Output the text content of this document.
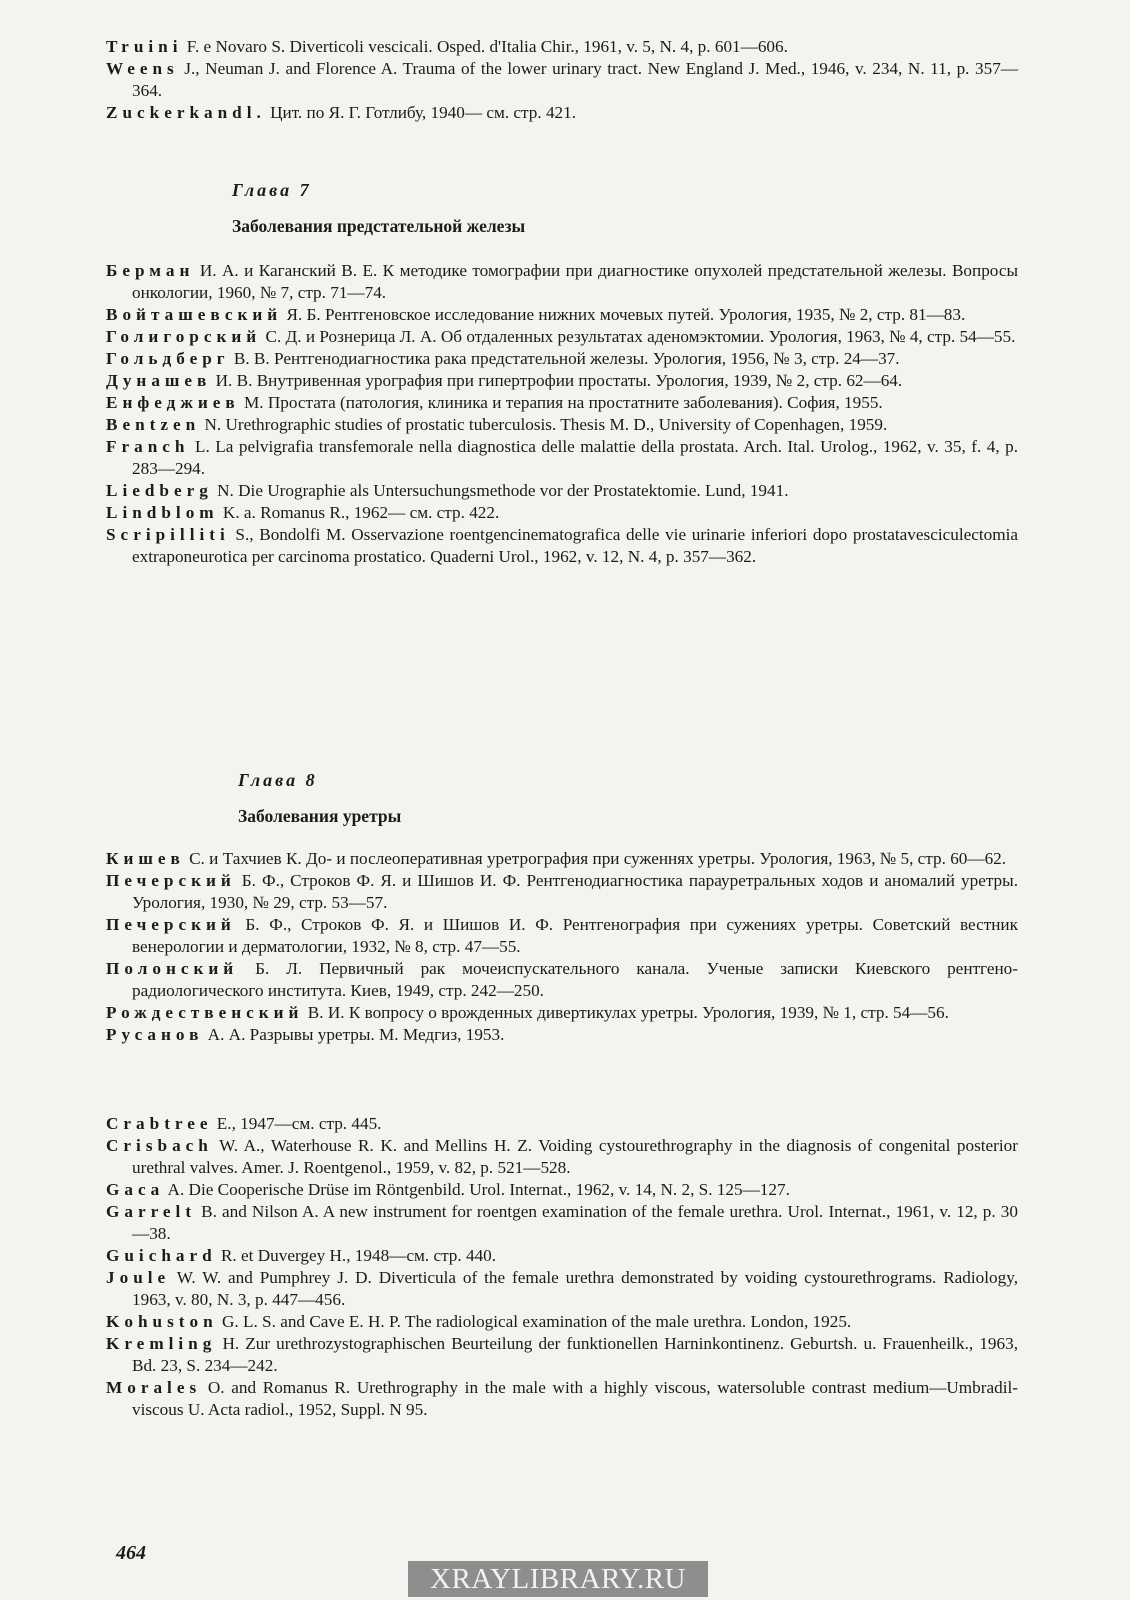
Truini F. e Novaro S. Diverticoli vescicali. Osped. d'Italia Chir., 1961, v. 5, N. 4, p. 601—606.

Weens J., Neuman J. and Florence A. Trauma of the lower urinary tract. New England J. Med., 1946, v. 234, N. 11, p. 357—364.

Zuckerkandl. Цит. по Я. Г. Готлибу, 1940— см. стр. 421.

Глава 7

Заболевания предстательной железы

Берман И. А. и Каганский В. Е. К методике томографии при диагностике опухолей предстательной железы. Вопросы онкологии, 1960, № 7, стр. 71—74.

Войташевский Я. Б. Рентгеновское исследование нижних мочевых путей. Урология, 1935, № 2, стр. 81—83.

Голигорский С. Д. и Рознерица Л. А. Об отдаленных результатах аденомэктомии. Урология, 1963, № 4, стр. 54—55.

Гольдберг В. В. Рентгенодиагностика рака предстательной железы. Урология, 1956, № 3, стр. 24—37.

Дунашев И. В. Внутривенная урография при гипертрофии простаты. Урология, 1939, № 2, стр. 62—64.

Енфеджиев М. Простата (патология, клиника и терапия на простатните заболевания). София, 1955.

Bentzen N. Urethrographic studies of prostatic tuberculosis. Thesis M. D., University of Copenhagen, 1959.

Franch L. La pelvigrafia transfemorale nella diagnostica delle malattie della prostata. Arch. Ital. Urolog., 1962, v. 35, f. 4, p. 283—294.

Liedberg N. Die Urographie als Untersuchungsmethode vor der Prostatektomie. Lund, 1941.

Lindblom K. a. Romanus R., 1962— см. стр. 422.

Scripilliti S., Bondolfi M. Osservazione roentgencinematografica delle vie urinarie inferiori dopo prostatavesciculectomia extraponeurotica per carcinoma prostatico. Quaderni Urol., 1962, v. 12, N. 4, p. 357—362.

Глава 8

Заболевания уретры

Кишев С. и Тахчиев К. До- и послеоперативная уретрография при суженнях уретры. Урология, 1963, № 5, стр. 60—62.

Печерский Б. Ф., Строков Ф. Я. и Шишов И. Ф. Рентгенодиагностика парауретральных ходов и аномалий уретры. Урология, 1930, № 29, стр. 53—57.

Печерский Б. Ф., Строков Ф. Я. и Шишов И. Ф. Рентгенография при сужениях уретры. Советский вестник венерологии и дерматологии, 1932, № 8, стр. 47—55.

Полонский Б. Л. Первичный рак мочеиспускательного канала. Ученые записки Киевского рентгено-радиологического института. Киев, 1949, стр. 242—250.

Рождественский В. И. К вопросу о врожденных дивертикулах уретры. Урология, 1939, № 1, стр. 54—56.

Русанов А. А. Разрывы уретры. М. Медгиз, 1953.

Crabtree E., 1947—см. стр. 445.

Crisbach W. A., Waterhouse R. K. and Mellins H. Z. Voiding cystourethrography in the diagnosis of congenital posterior urethral valves. Amer. J. Roentgenol., 1959, v. 82, p. 521—528.

Gaca A. Die Cooperische Drüse im Röntgenbild. Urol. Internat., 1962, v. 14, N. 2, S. 125—127.

Garrelt B. and Nilson A. A new instrument for roentgen examination of the female urethra. Urol. Internat., 1961, v. 12, p. 30—38.

Guichard R. et Duvergey H., 1948—см. стр. 440.

Joule W. W. and Pumphrey J. D. Diverticula of the female urethra demonstrated by voiding cystourethrograms. Radiology, 1963, v. 80, N. 3, p. 447—456.

Kohuston G. L. S. and Cave E. H. P. The radiological examination of the male urethra. London, 1925.

Kremling H. Zur urethrozystographischen Beurteilung der funktionellen Harninkontinenz. Geburtsh. u. Frauenheilk., 1963, Bd. 23, S. 234—242.

Morales O. and Romanus R. Urethrography in the male with a highly viscous, watersoluble contrast medium—Umbradil-viscous U. Acta radiol., 1952, Suppl. N 95.

464
XRAYLIBRARY.RU
